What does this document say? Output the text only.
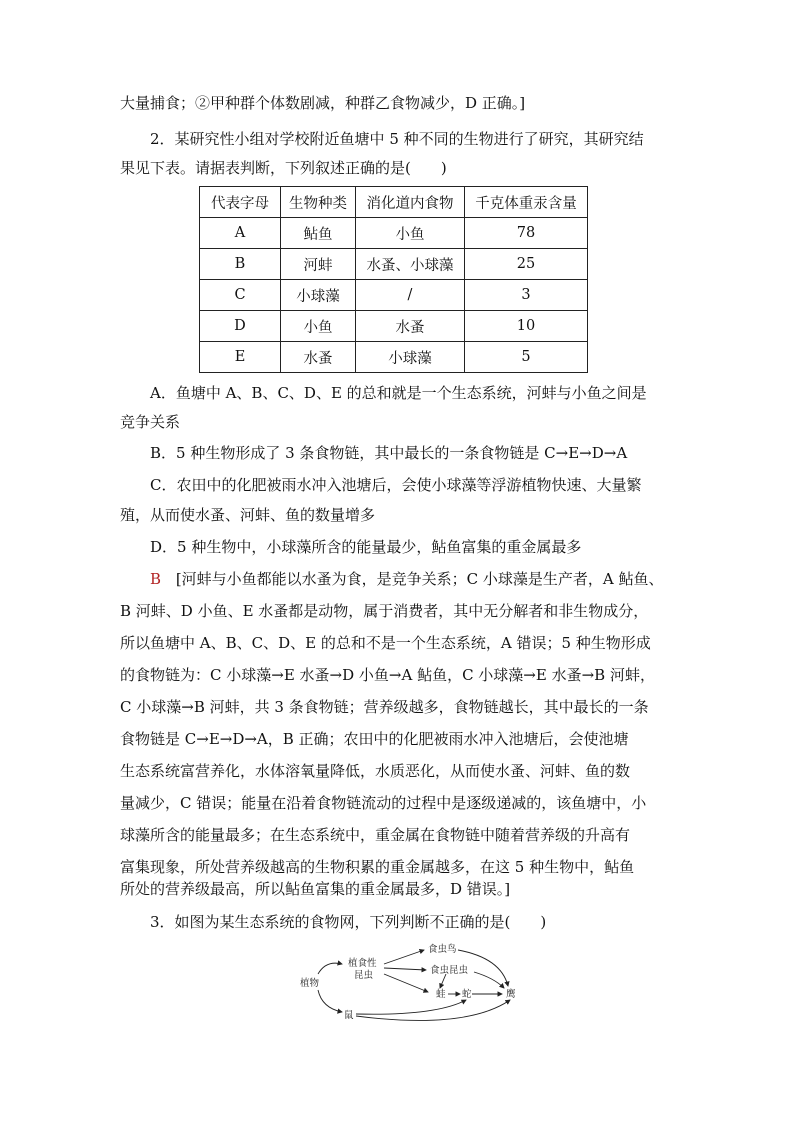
大量捕食；②甲种群个体数剧减，种群乙食物减少，D 正确。]
2．某研究性小组对学校附近鱼塘中 5 种不同的生物进行了研究，其研究结
果见下表。请据表判断，下列叙述正确的是(　　)
代表字母	生物种类	消化道内食物	千克体重汞含量
A	鲇鱼	小鱼	78
B	河蚌	水蚤、小球藻	25
C	小球藻	/	3
D	小鱼	水蚤	10
E	水蚤	小球藻	5
A．鱼塘中 A、B、C、D、E 的总和就是一个生态系统，河蚌与小鱼之间是
竞争关系
B．5 种生物形成了 3 条食物链，其中最长的一条食物链是 C→E→D→A
C．农田中的化肥被雨水冲入池塘后，会使小球藻等浮游植物快速、大量繁
殖，从而使水蚤、河蚌、鱼的数量增多
D．5 种生物中，小球藻所含的能量最少，鲇鱼富集的重金属最多
B [河蚌与小鱼都能以水蚤为食，是竞争关系；C 小球藻是生产者，A 鲇鱼、
B 河蚌、D 小鱼、E 水蚤都是动物，属于消费者，其中无分解者和非生物成分，
所以鱼塘中 A、B、C、D、E 的总和不是一个生态系统，A 错误；5 种生物形成
的食物链为：C 小球藻→E 水蚤→D 小鱼→A 鲇鱼，C 小球藻→E 水蚤→B 河蚌，
C 小球藻→B 河蚌，共 3 条食物链；营养级越多，食物链越长，其中最长的一条
食物链是 C→E→D→A，B 正确；农田中的化肥被雨水冲入池塘后，会使池塘
生态系统富营养化，水体溶氧量降低，水质恶化，从而使水蚤、河蚌、鱼的数
量减少，C 错误；能量在沿着食物链流动的过程中是逐级递减的，该鱼塘中，小
球藻所含的能量最多；在生态系统中，重金属在食物链中随着营养级的升高有
富集现象，所处营养级越高的生物积累的重金属越多，在这 5 种生物中，鲇鱼
所处的营养级最高，所以鲇鱼富集的重金属最多，D 错误。]
3．如图为某生态系统的食物网，下列判断不正确的是(　　)
植物
植食性
昆虫
食虫鸟
食虫昆虫
蛙 蛇	鹰
鼠
